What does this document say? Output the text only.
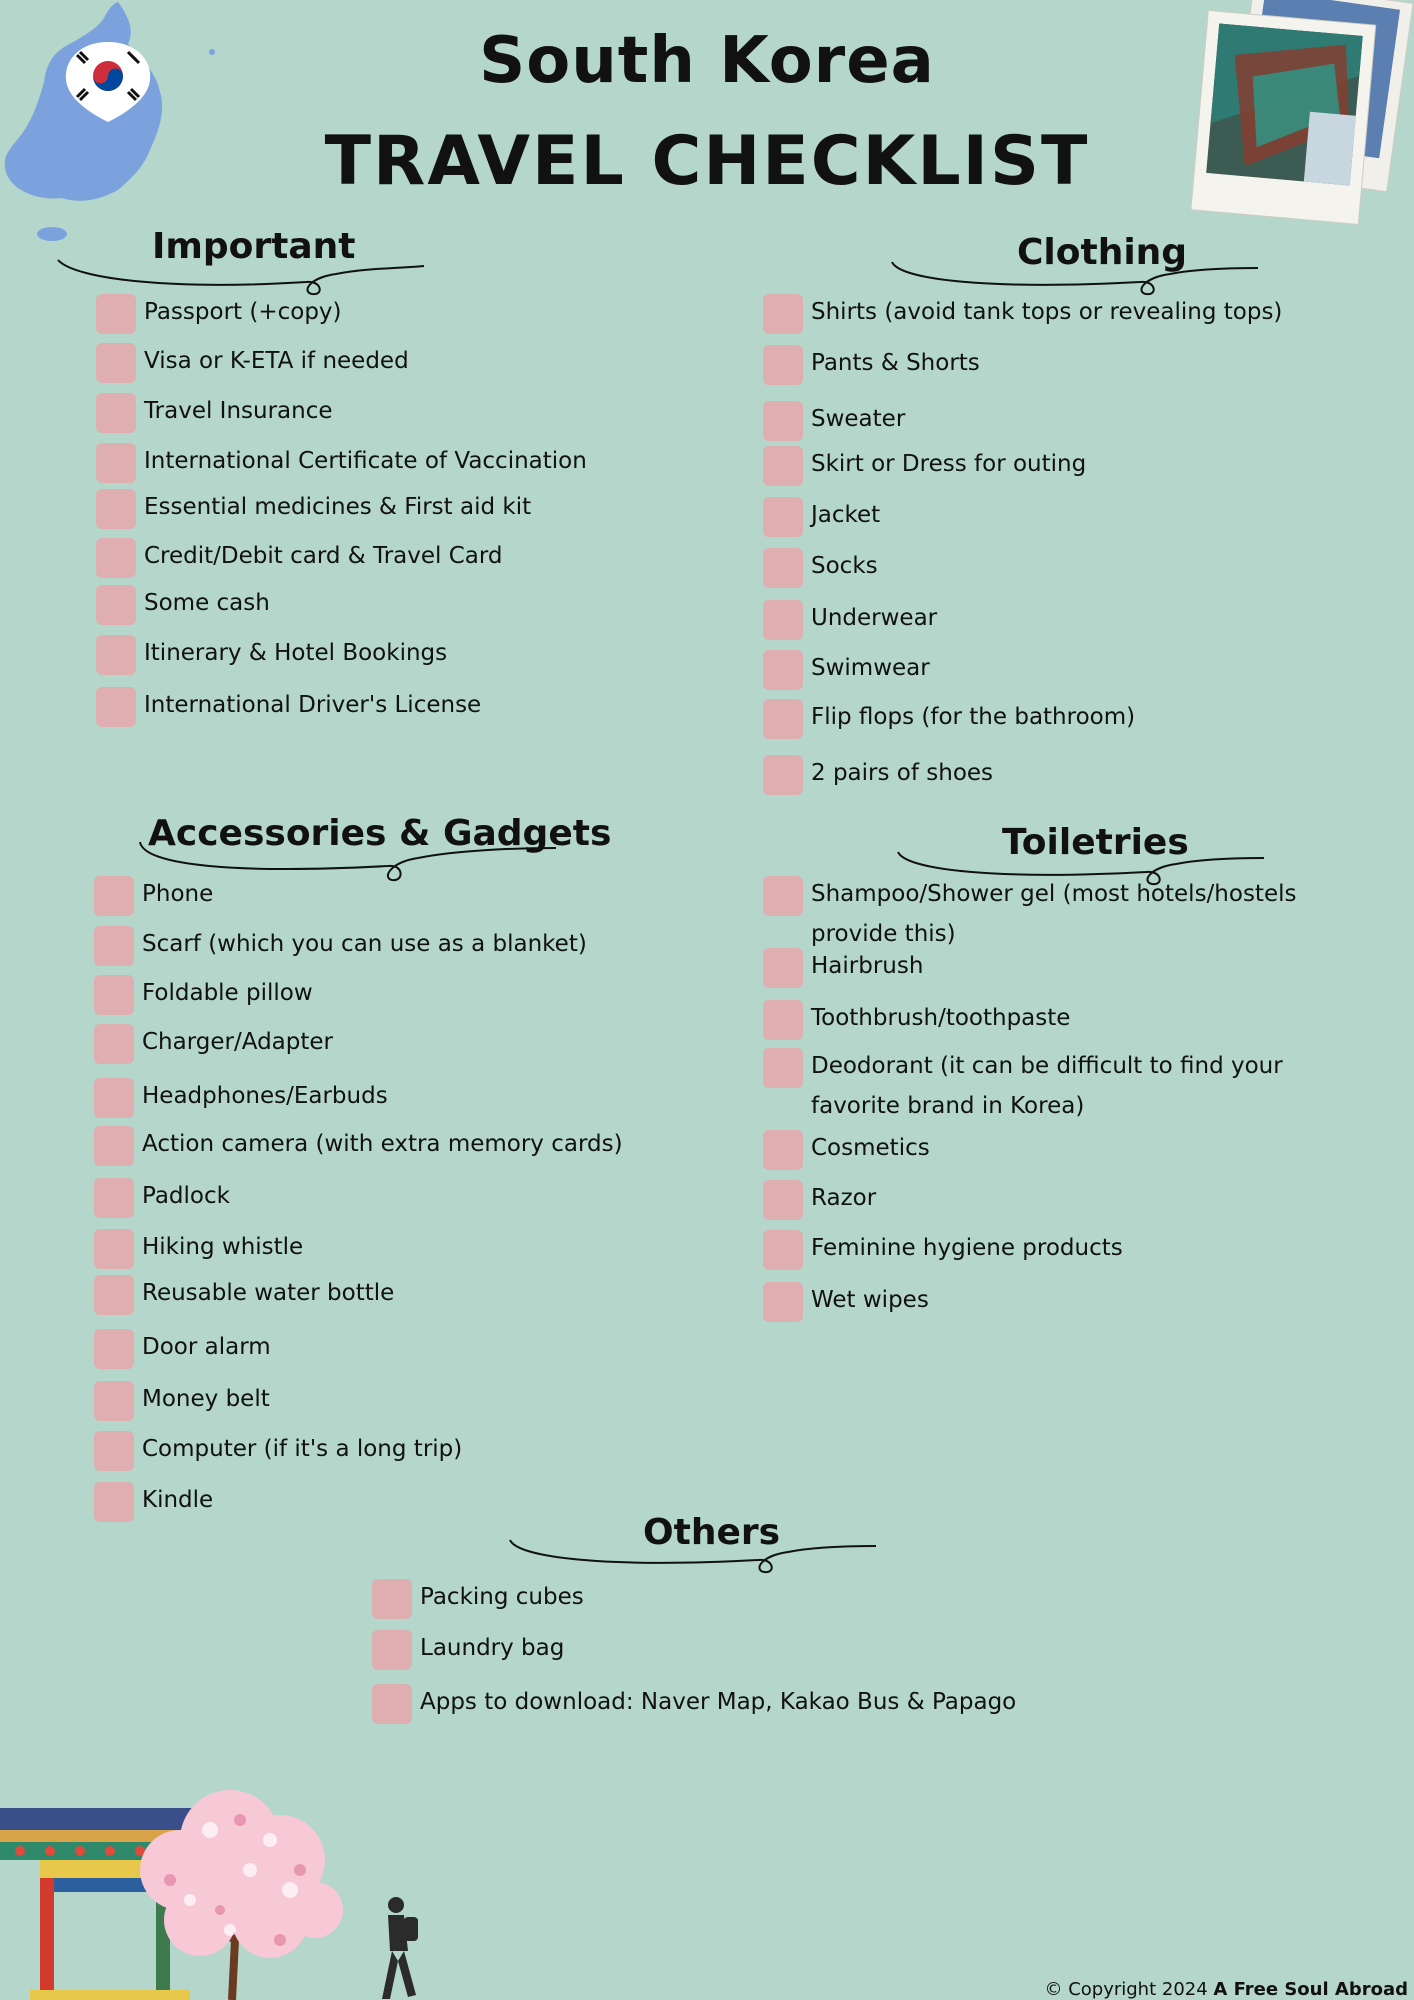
South Korea
TRAVEL CHECKLIST
Important
Passport (+copy)
Visa or K-ETA if needed
Travel Insurance
International Certificate of Vaccination
Essential medicines & First aid kit
Credit/Debit card & Travel Card
Some cash
Itinerary & Hotel Bookings
International Driver's License
Clothing
Shirts (avoid tank tops or revealing tops)
Pants & Shorts
Sweater
Skirt or Dress for outing
Jacket
Socks
Underwear
Swimwear
Flip flops (for the bathroom)
2 pairs of shoes
Accessories & Gadgets
Phone
Scarf (which you can use as a blanket)
Foldable pillow
Charger/Adapter
Headphones/Earbuds
Action camera (with extra memory cards)
Padlock
Hiking whistle
Reusable water bottle
Door alarm
Money belt
Computer (if it's a long trip)
Kindle
Toiletries
Shampoo/Shower gel (most hotels/hostels provide this)
Hairbrush
Toothbrush/toothpaste
Deodorant (it can be difficult to find your favorite brand in Korea)
Cosmetics
Razor
Feminine hygiene products
Wet wipes
Others
Packing cubes
Laundry bag
Apps to download: Naver Map, Kakao Bus & Papago
© Copyright 2024 A Free Soul Abroad
